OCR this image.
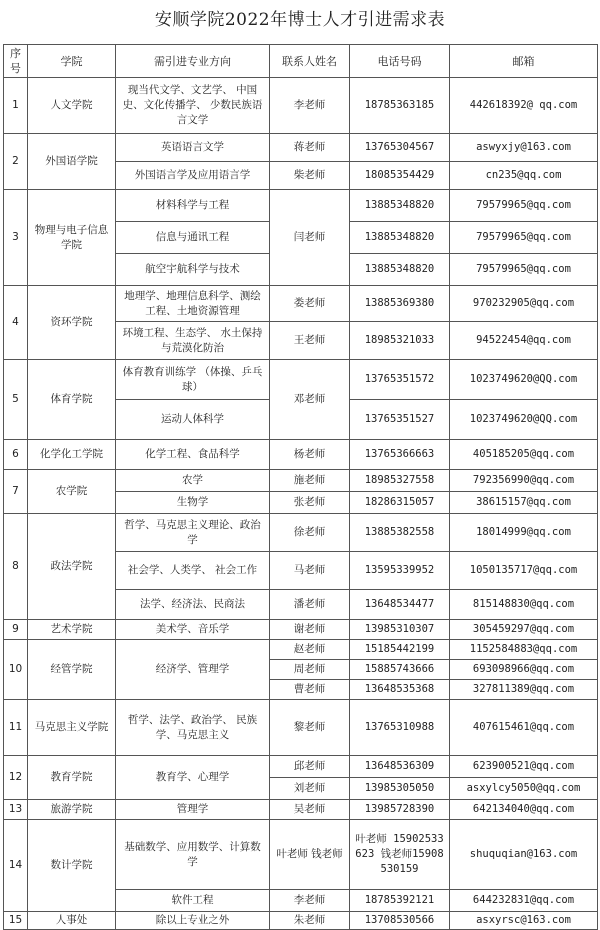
安顺学院2022年博士人才引进需求表
序号	学院	需引进专业方向	联系人姓名	电话号码	邮箱
1	人文学院	现当代文学、文艺学、 中国史、文化传播学、 少数民族语言文学	李老师	18785363185	442618392@ qq.com
2	外国语学院	英语语言文学	蒋老师	13765304567	aswyxjy@163.com
		外国语言学及应用语言学	柴老师	18085354429	cn235@qq.com
3	物理与电子信息学院	材料科学与工程	闫老师	13885348820	79579965@qq.com
		信息与通讯工程		13885348820	79579965@qq.com
		航空宇航科学与技术		13885348820	79579965@qq.com
4	资环学院	地理学、地理信息科学、测绘工程、土地资源管理	娄老师	13885369380	970232905@qq.com
		环境工程、生态学、 水土保持与荒漠化防治	王老师	18985321033	94522454@qq.com
5	体育学院	体育教育训练学 （体操、乒乓球）	邓老师	13765351572	1023749620@QQ.com
		运动人体科学		13765351527	1023749620@QQ.com
6	化学化工学院	化学工程、食品科学	杨老师	13765366663	405185205@qq.com
7	农学院	农学	施老师	18985327558	792356990@qq.com
		生物学	张老师	18286315057	38615157@qq.com
8	政法学院	哲学、马克思主义理论、政治学	徐老师	13885382558	18014999@qq.com
		社会学、人类学、 社会工作	马老师	13595339952	1050135717@qq.com
		法学、经济法、民商法	潘老师	13648534477	815148830@qq.com
9	艺术学院	美术学、音乐学	谢老师	13985310307	305459297@qq.com
10	经管学院	经济学、管理学	赵老师	15185442199	1152584883@qq.com
			周老师	15885743666	693098966@qq.com
			曹老师	13648535368	327811389@qq.com
11	马克思主义学院	哲学、法学、政治学、 民族学、马克思主义	黎老师	13765310988	407615461@qq.com
12	教育学院	教育学、心理学	邱老师	13648536309	623900521@qq.com
			刘老师	13985305050	asxylcy5050@qq.com
13	旅游学院	管理学	吴老师	13985728390	642134040@qq.com
14	数计学院	基础数学、应用数学、计算数学	叶老师 钱老师	叶老师 15902533623 钱老师15908530159	shuquqian@163.com
		软件工程	李老师	18785392121	644232831@qq.com
15	人事处	除以上专业之外	朱老师	13708530566	asxyrsc@163.com
